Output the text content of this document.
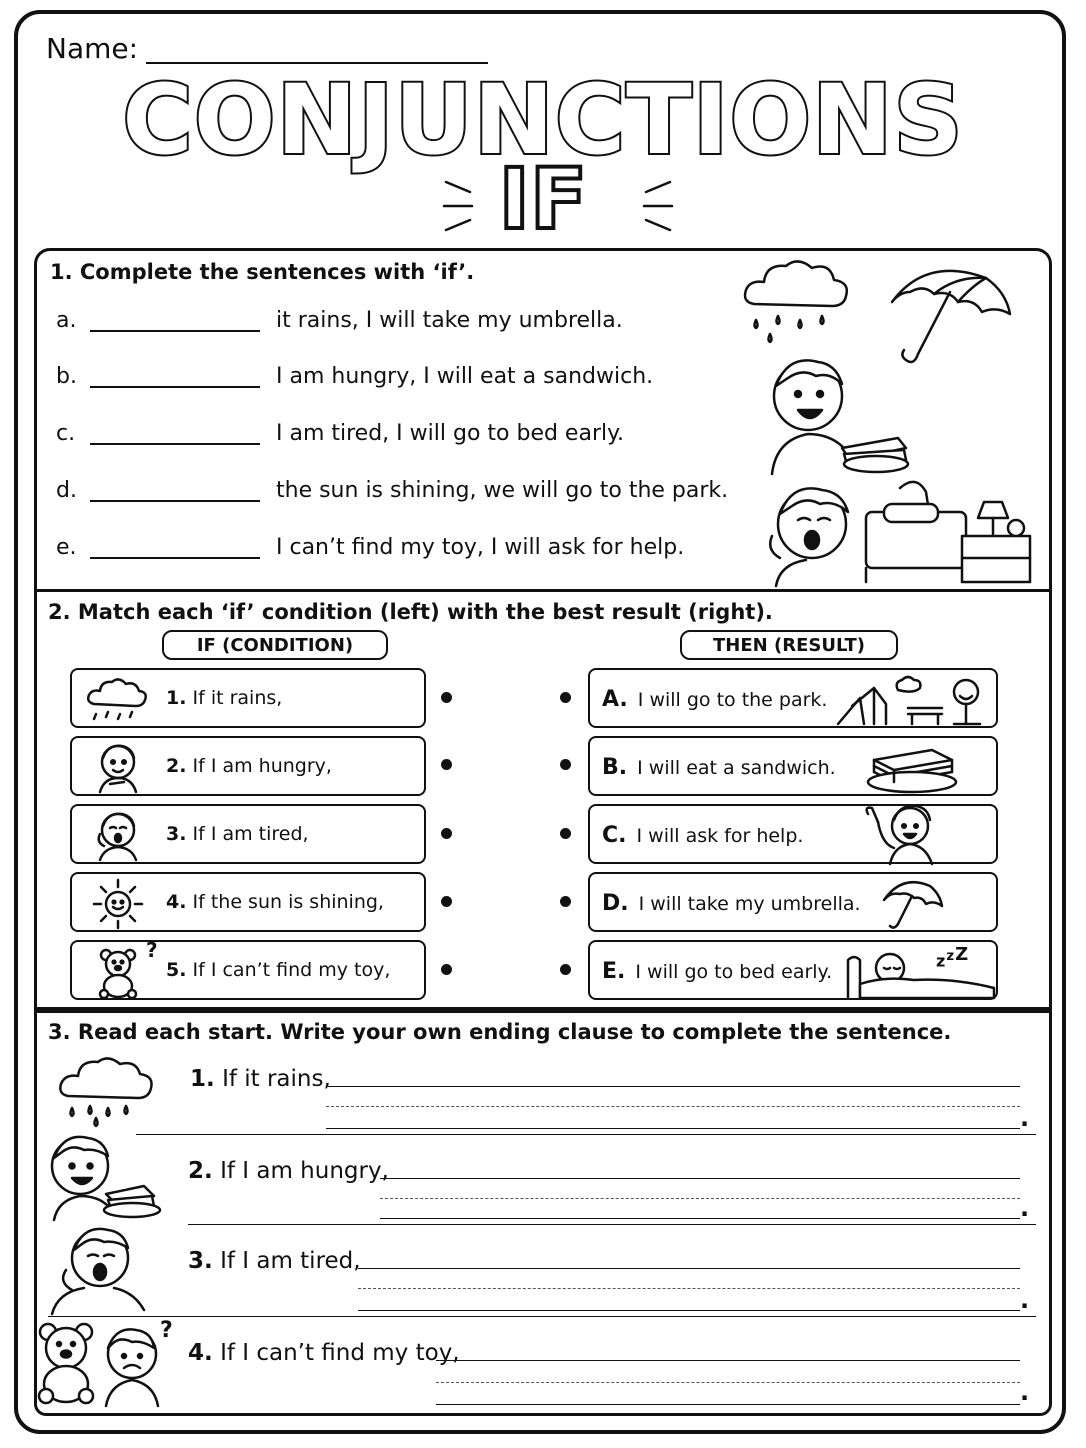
Name:
CONJUNCTIONS
IF
1. Complete the sentences with ‘if’.
a.	it rains, I will take my umbrella.
b.	I am hungry, I will eat a sandwich.
c.	I am tired, I will go to bed early.
d.	the sun is shining, we will go to the park.
e.	I can’t find my toy, I will ask for help.
2. Match each ‘if’ condition (left) with the best result (right).
IF (CONDITION)	THEN (RESULT)
1. If it rains,
2. If I am hungry,
3. If I am tired,
4. If the sun is shining,
?
5. If I can’t find my toy,
A. I will go to the park.
B. I will eat a sandwich.
C. I will ask for help.
D. I will take my umbrella.
E. I will go to bed early.
$z^{zZ}$
3. Read each start. Write your own ending clause to complete the sentence.
1. If it rains,
.
2. If I am hungry,
.
3. If I am tired,
.
?
4. If I can’t find my toy,
.
